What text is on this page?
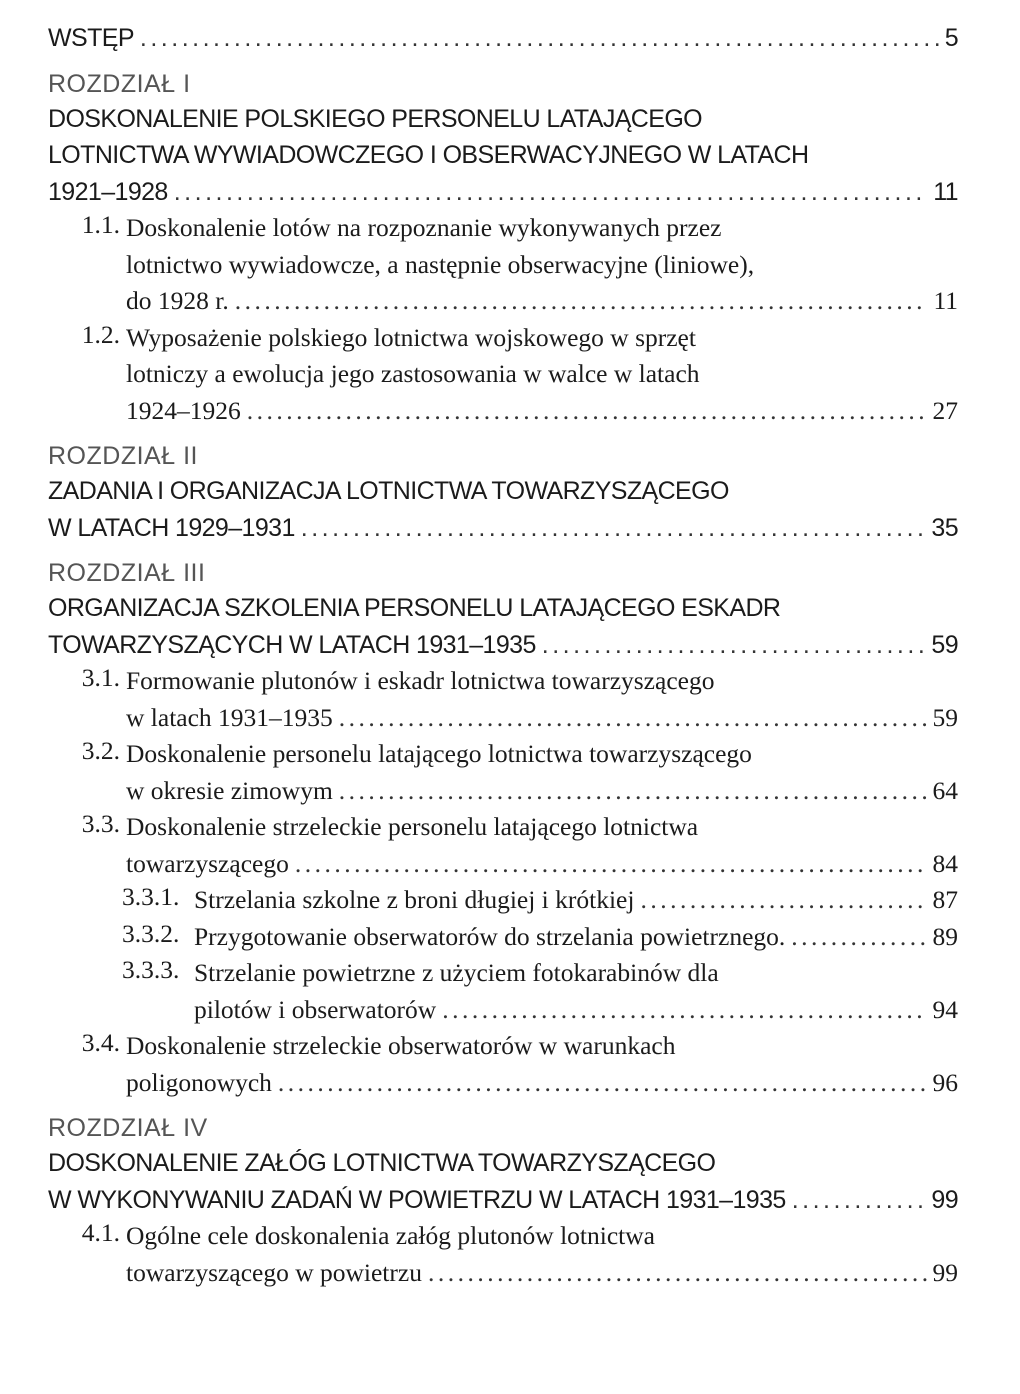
WSTĘP .....	5
ROZDZIAŁ I
DOSKONALENIE POLSKIEGO PERSONELU LATAJĄCEGO
LOTNICTWA WYWIADOWCZEGO I OBSERWACYJNEGO W LATACH
1921–1928 .....	11
1.1. Doskonalenie lotów na rozpoznanie wykonywanych przez
lotnictwo wywiadowcze, a następnie obserwacyjne (liniowe),
do 1928 r. .....	11
1.2. Wyposażenie polskiego lotnictwa wojskowego w sprzęt
lotniczy a ewolucja jego zastosowania w walce w latach
1924–1926 .....	27
ROZDZIAŁ II
ZADANIA I ORGANIZACJA LOTNICTWA TOWARZYSZĄCEGO
W LATACH 1929–1931 .....	35
ROZDZIAŁ III
ORGANIZACJA SZKOLENIA PERSONELU LATAJĄCEGO ESKADR
TOWARZYSZĄCYCH W LATACH 1931–1935 .....	59
3.1. Formowanie plutonów i eskadr lotnictwa towarzyszącego
w latach 1931–1935 .....	59
3.2. Doskonalenie personelu latającego lotnictwa towarzyszącego
w okresie zimowym .....	64
3.3. Doskonalenie strzeleckie personelu latającego lotnictwa
towarzyszącego .....	84
3.3.1. Strzelania szkolne z broni długiej i krótkiej .....	87
3.3.2. Przygotowanie obserwatorów do strzelania powietrznego. .....	89
3.3.3. Strzelanie powietrzne z użyciem fotokarabinów dla
pilotów i obserwatorów .....	94
3.4. Doskonalenie strzeleckie obserwatorów w warunkach
poligonowych .....	96
ROZDZIAŁ IV
DOSKONALENIE ZAŁÓG LOTNICTWA TOWARZYSZĄCEGO
W WYKONYWANIU ZADAŃ W POWIETRZU W LATACH 1931–1935 .....	99
4.1. Ogólne cele doskonalenia załóg plutonów lotnictwa
towarzyszącego w powietrzu .....	99
